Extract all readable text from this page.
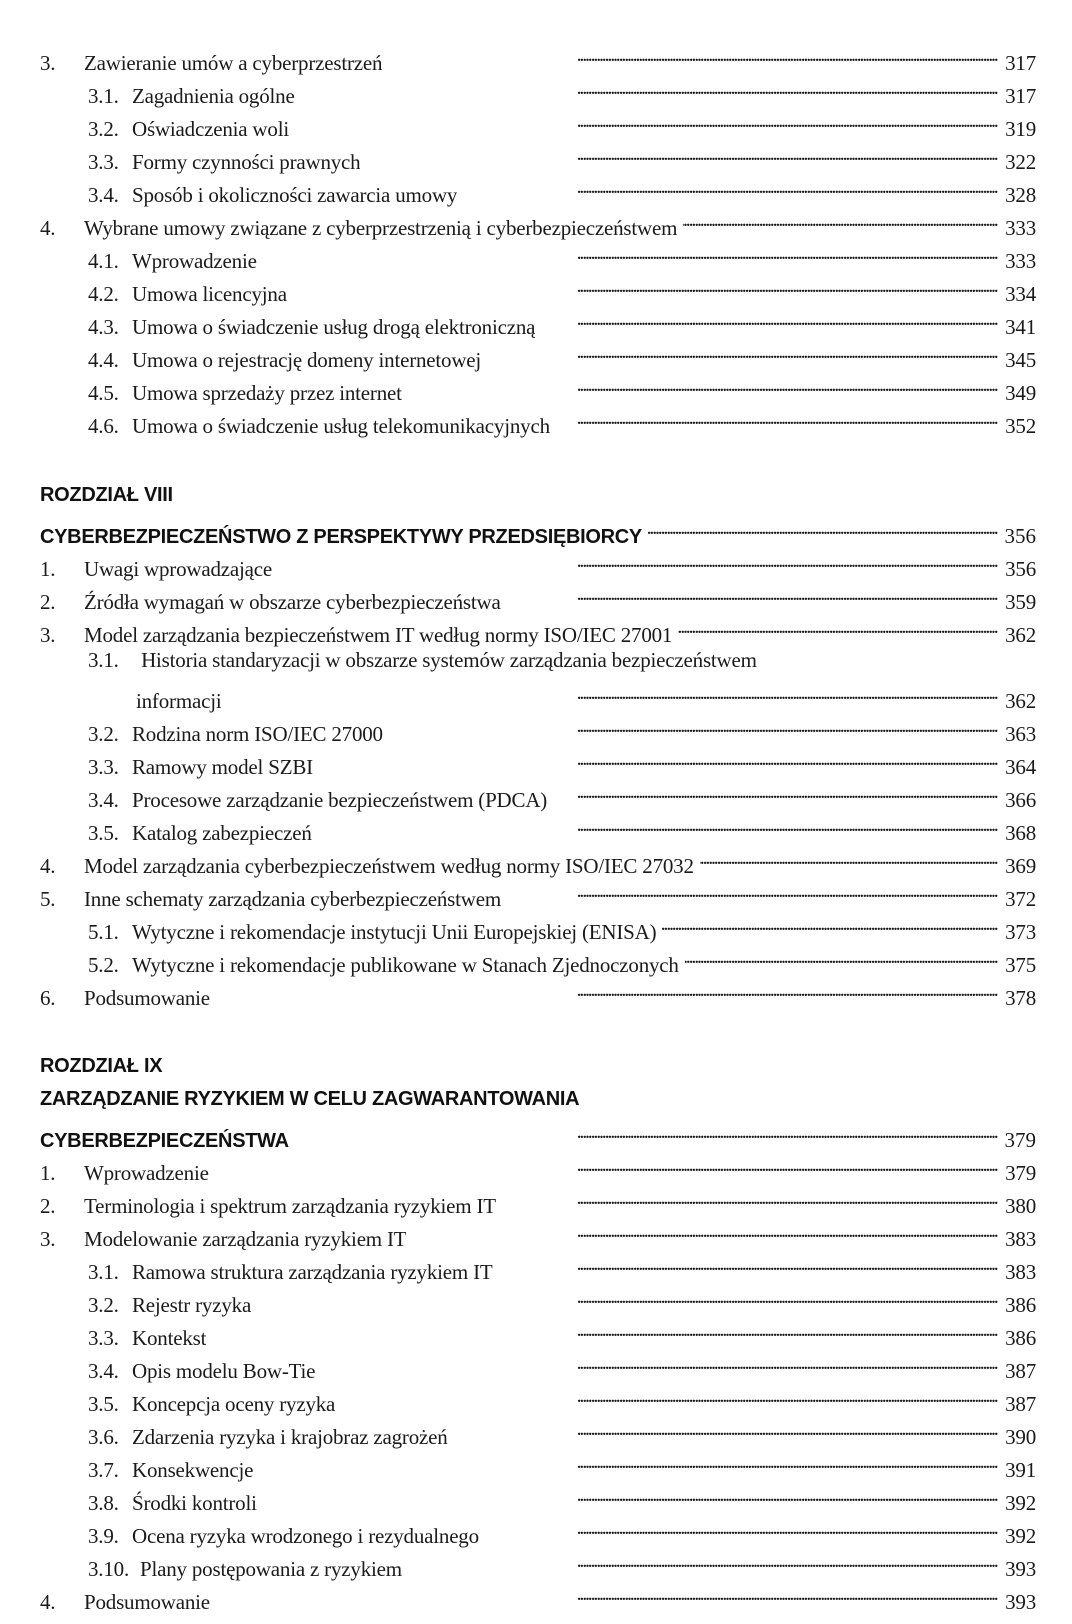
3.	Zawieranie umów a cyberprzestrzeń . . .	317
3.1. Zagadnienia ogólne . . .	317
3.2. Oświadczenia woli . . .	319
3.3. Formy czynności prawnych . . .	322
3.4. Sposób i okoliczności zawarcia umowy . . .	328
4.	Wybrane umowy związane z cyberprzestrzenią i cyberbezpieczeństwem . . .	333
4.1. Wprowadzenie . . .	333
4.2. Umowa licencyjna . . .	334
4.3. Umowa o świadczenie usług drogą elektroniczną . . .	341
4.4. Umowa o rejestrację domeny internetowej . . .	345
4.5. Umowa sprzedaży przez internet . . .	349
4.6. Umowa o świadczenie usług telekomunikacyjnych . . .	352
ROZDZIAŁ VIII
CYBERBEZPIECZEŃSTWO Z PERSPEKTYWY PRZEDSIĘBIORCY . . .	356
1.	Uwagi wprowadzające . . .	356
2.	Źródła wymagań w obszarze cyberbezpieczeństwa . . .	359
3.	Model zarządzania bezpieczeństwem IT według normy ISO/IEC 27001 . . .	362
3.1. Historia standaryzacji w obszarze systemów zarządzania bezpieczeństwem
informacji . . .	362
3.2. Rodzina norm ISO/IEC 27000 . . .	363
3.3. Ramowy model SZBI . . .	364
3.4. Procesowe zarządzanie bezpieczeństwem (PDCA) . . .	366
3.5. Katalog zabezpieczeń . . .	368
4.	Model zarządzania cyberbezpieczeństwem według normy ISO/IEC 27032 . . .	369
5.	Inne schematy zarządzania cyberbezpieczeństwem . . .	372
5.1. Wytyczne i rekomendacje instytucji Unii Europejskiej (ENISA) . . .	373
5.2. Wytyczne i rekomendacje publikowane w Stanach Zjednoczonych . . .	375
6.	Podsumowanie . . .	378
ROZDZIAŁ IX
ZARZĄDZANIE RYZYKIEM W CELU ZAGWARANTOWANIA
CYBERBEZPIECZEŃSTWA . . .	379
1.	Wprowadzenie . . .	379
2.	Terminologia i spektrum zarządzania ryzykiem IT . . .	380
3.	Modelowanie zarządzania ryzykiem IT . . .	383
3.1. Ramowa struktura zarządzania ryzykiem IT . . .	383
3.2. Rejestr ryzyka . . .	386
3.3. Kontekst . . .	386
3.4. Opis modelu Bow-Tie . . .	387
3.5. Koncepcja oceny ryzyka . . .	387
3.6. Zdarzenia ryzyka i krajobraz zagrożeń . . .	390
3.7. Konsekwencje . . .	391
3.8. Środki kontroli . . .	392
3.9. Ocena ryzyka wrodzonego i rezydualnego . . .	392
3.10. Plany postępowania z ryzykiem . . .	393
4.	Podsumowanie . . .	393
